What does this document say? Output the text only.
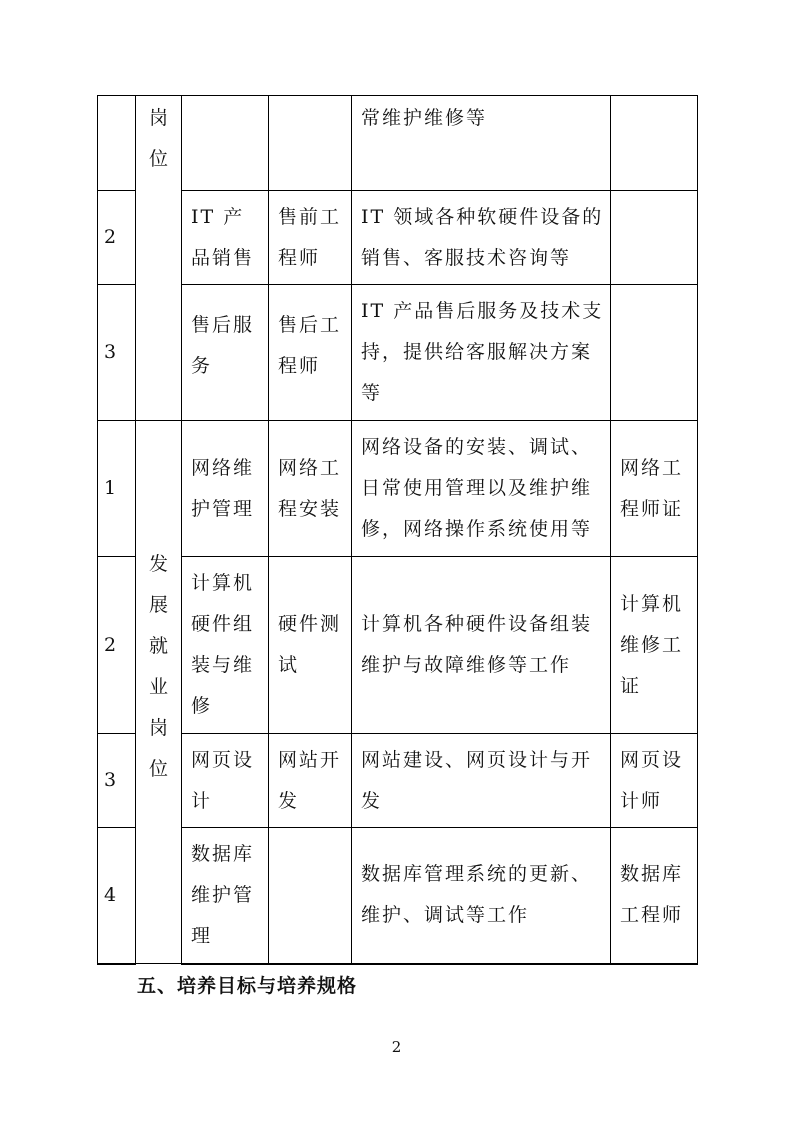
	岗位			常维护维修等	
2		IT 产品销售	售前工程师	IT 领域各种软硬件设备的销售、客服技术咨询等	
3		售后服务	售后工程师	IT 产品售后服务及技术支持，提供给客服解决方案等	
1	发展就业岗位	网络维护管理	网络工程安装	网络设备的安装、调试、日常使用管理以及维护维修，网络操作系统使用等	网络工程师证
2		计算机硬件组装与维修	硬件测试	计算机各种硬件设备组装维护与故障维修等工作	计算机维修工证
3		网页设计	网站开发	网站建设、网页设计与开发	网页设计师
4		数据库维护管理		数据库管理系统的更新、维护、调试等工作	数据库工程师
五、培养目标与培养规格
2
